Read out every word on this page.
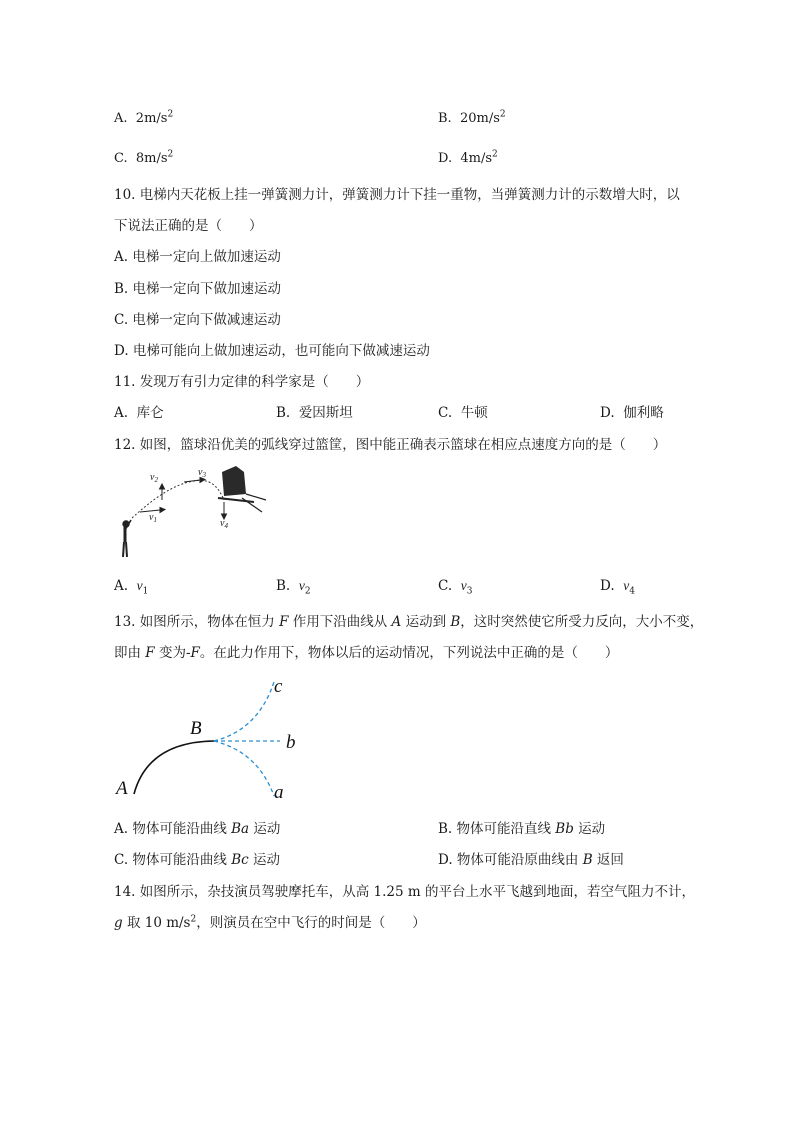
A. $2m/s^2$	B. $20m/s^2$
C. $8m/s^2$	D. $4m/s^2$
10. 电梯内天花板上挂一弹簧测力计，弹簧测力计下挂一重物，当弹簧测力计的示数增大时，以
下说法正确的是（　　）
A. 电梯一定向上做加速运动
B. 电梯一定向下做加速运动
C. 电梯一定向下做减速运动
D. 电梯可能向上做加速运动，也可能向下做减速运动
11. 发现万有引力定律的科学家是（　　）
A. 库仑	B. 爱因斯坦	C. 牛顿	D. 伽利略
12. 如图，篮球沿优美的弧线穿过篮筐，图中能正确表示篮球在相应点速度方向的是（　　）
$v_1$
$v_2$
$v_3$
$v_4$
A. $v_1$	B. $v_2$	C. $v_3$	D. $v_4$
13. 如图所示，物体在恒力 F 作用下沿曲线从 A 运动到 B，这时突然使它所受力反向，大小不变，
即由 F 变为-F。在此力作用下，物体以后的运动情况，下列说法中正确的是（　　）
A
B
c
b
a
A. 物体可能沿曲线 Ba 运动	B. 物体可能沿直线 Bb 运动
C. 物体可能沿曲线 Bc 运动	D. 物体可能沿原曲线由 B 返回
14. 如图所示，杂技演员驾驶摩托车，从高 1.25 m 的平台上水平飞越到地面，若空气阻力不计，
g 取 10 $m/s^2$，则演员在空中飞行的时间是（　　）
